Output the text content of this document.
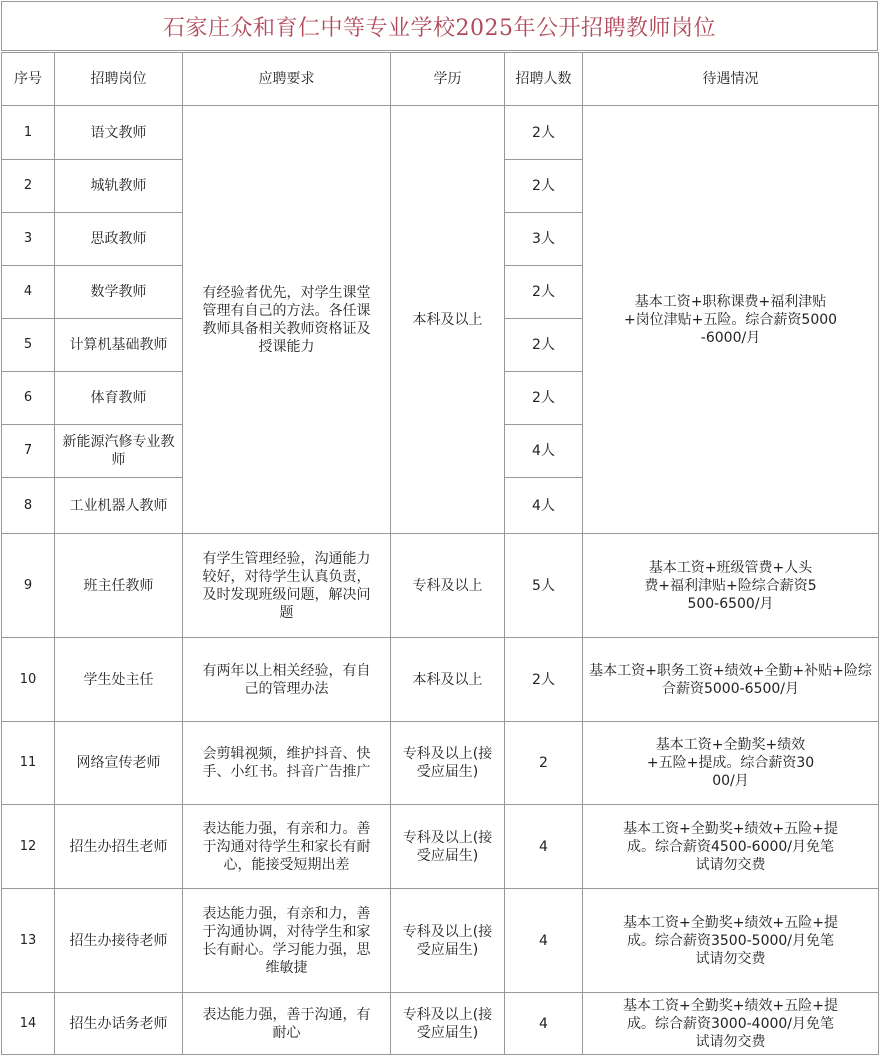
石家庄众和育仁中等专业学校2025年公开招聘教师岗位
序号	招聘岗位	应聘要求	学历	招聘人数	待遇情况
1	语文教师	有经验者优先，对学生课堂管理有自己的方法。各任课教师具备相关教师资格证及授课能力	本科及以上	2人	基本工资+职称课费+福利津贴+岗位津贴+五险。综合薪资5000-6000/月
2	城轨教师			2人	
3	思政教师			3人	
4	数学教师			2人	
5	计算机基础教师			2人	
6	体育教师			2人	
7	新能源汽修专业教师			4人	
8	工业机器人教师			4人	
9	班主任教师	有学生管理经验，沟通能力较好，对待学生认真负责，及时发现班级问题，解决问题	专科及以上	5人	基本工资+班级管费+人头费+福利津贴+险综合薪资5500-6500/月
10	学生处主任	有两年以上相关经验，有自己的管理办法	本科及以上	2人	基本工资+职务工资+绩效+全勤+补贴+险综合薪资5000-6500/月
11	网络宣传老师	会剪辑视频，维护抖音、快手、小红书。抖音广告推广	专科及以上(接受应届生)	2	基本工资+全勤奖+绩效+五险+提成。综合薪资3000/月
12	招生办招生老师	表达能力强，有亲和力。善于沟通对待学生和家长有耐心，能接受短期出差	专科及以上(接受应届生)	4	基本工资+全勤奖+绩效+五险+提成。综合薪资4500-6000/月免笔试请勿交费
13	招生办接待老师	表达能力强，有亲和力，善于沟通协调，对待学生和家长有耐心。学习能力强，思维敏捷	专科及以上(接受应届生)	4	基本工资+全勤奖+绩效+五险+提成。综合薪资3500-5000/月免笔试请勿交费
14	招生办话务老师	表达能力强，善于沟通，有耐心	专科及以上(接受应届生)	4	基本工资+全勤奖+绩效+五险+提成。综合薪资3000-4000/月免笔试请勿交费
